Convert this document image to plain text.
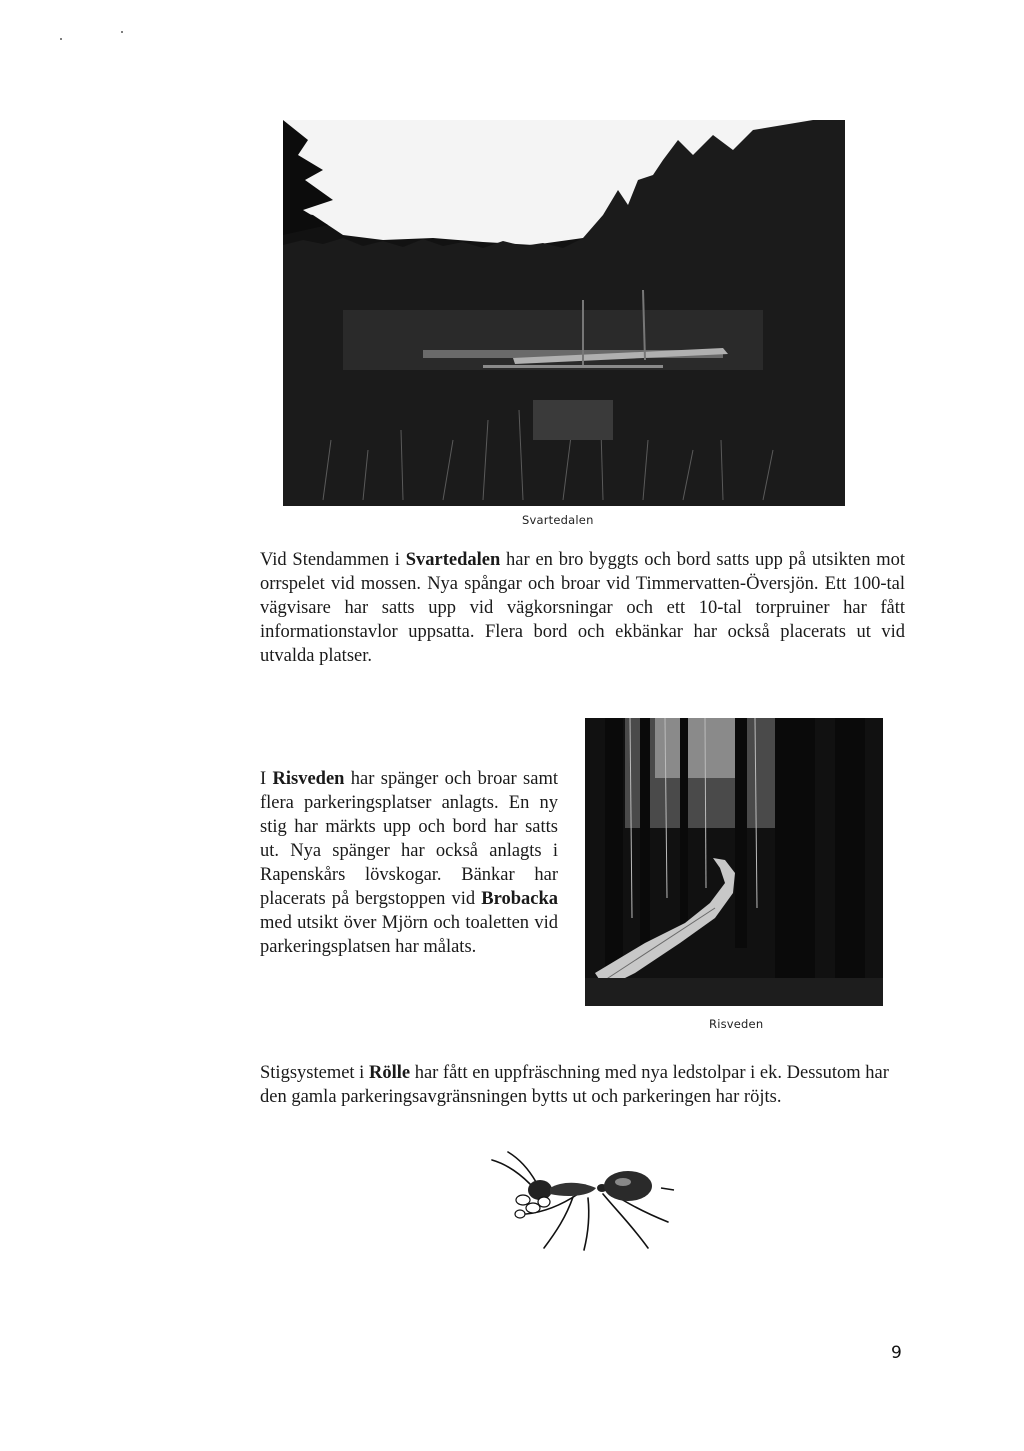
Svartedalen

Vid Stendammen i Svartedalen har en bro byggts och bord satts upp på utsikten mot orrspelet vid mossen. Nya spångar och broar vid Timmervatten-Översjön. Ett 100-tal vägvisare har satts upp vid vägkorsningar och ett 10-tal torpruiner har fått informationstavlor uppsatta. Flera bord och ekbänkar har också placerats ut vid utvalda platser.

Risveden

I Risveden har spänger och broar samt flera parkeringsplatser anlagts. En ny stig har märkts upp och bord har satts ut. Nya spänger har också anlagts i Rapenskårs lövskogar. Bänkar har placerats på bergstoppen vid Brobacka med utsikt över Mjörn och toaletten vid parkeringsplatsen har målats.

Stigsystemet i Rölle har fått en uppfräschning med nya ledstolpar i ek. Dessutom har den gamla parkeringsavgränsningen bytts ut och parkeringen har röjts.

9
